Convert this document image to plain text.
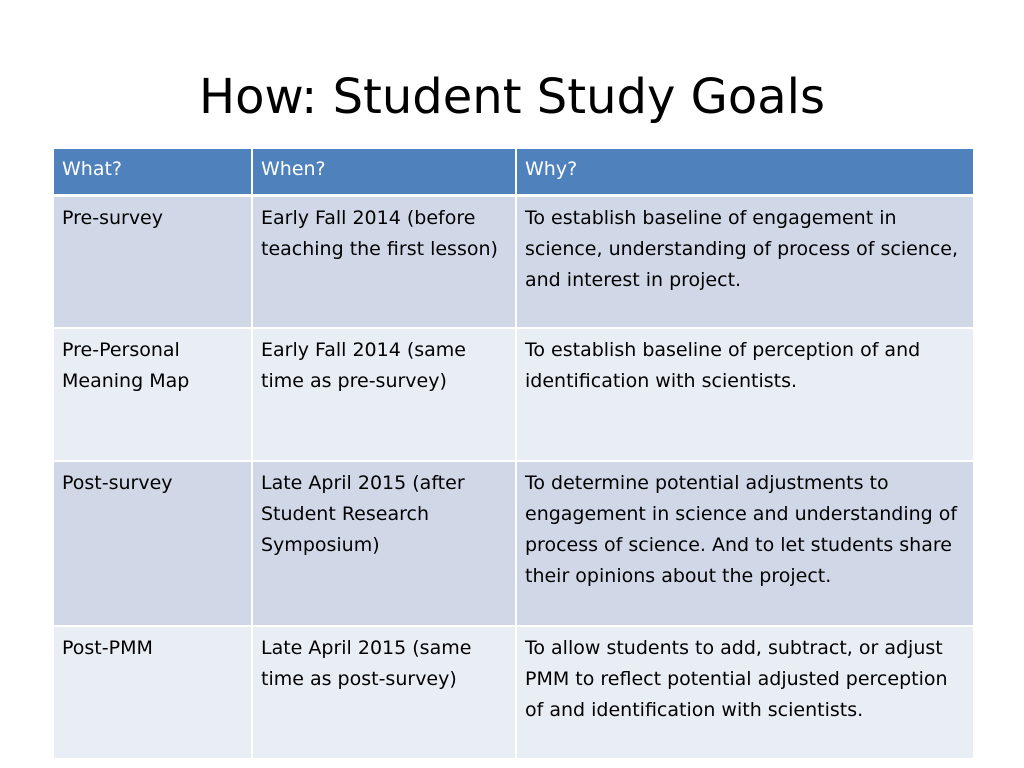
How: Student Study Goals
What?	When?	Why?
Pre-survey	Early Fall 2014 (before teaching the first lesson)	To establish baseline of engagement in science, understanding of process of science, and interest in project.
Pre-Personal Meaning Map	Early Fall 2014 (same time as pre-survey)	To establish baseline of perception of and identification with scientists.
Post-survey	Late April 2015 (after Student Research Symposium)	To determine potential adjustments to engagement in science and understanding of process of science. And to let students share their opinions about the project.
Post-PMM	Late April 2015 (same time as post-survey)	To allow students to add, subtract, or adjust PMM to reflect potential adjusted perception of and identification with scientists.
